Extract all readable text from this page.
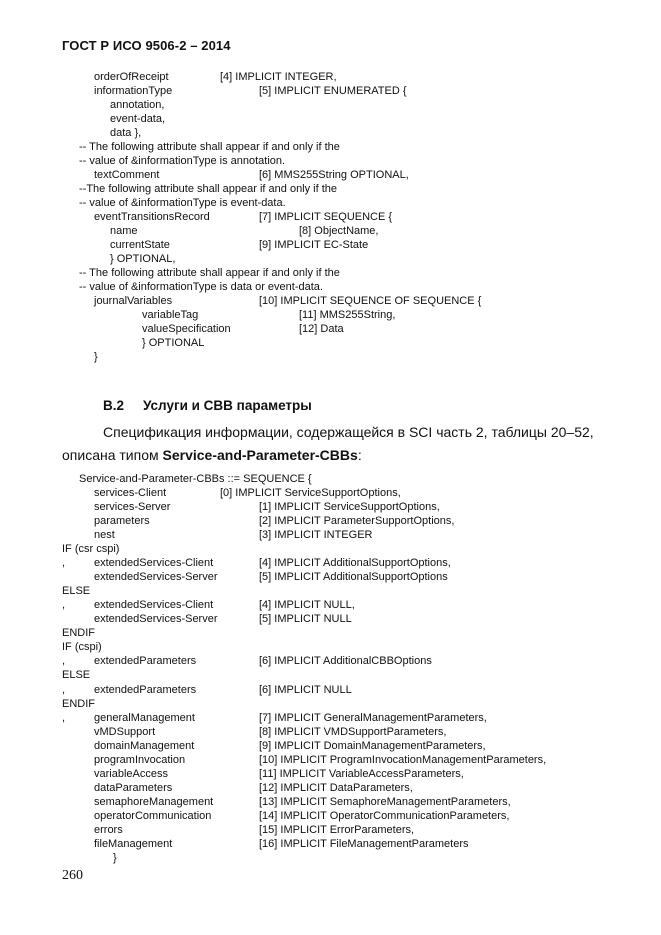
ГОСТ Р ИСО 9506-2 – 2014
orderOfReceipt	[4] IMPLICIT INTEGER,
informationType	[5] IMPLICIT ENUMERATED {
annotation,
event-data,
data },
-- The following attribute shall appear if and only if the
-- value of &informationType is annotation.
textComment	[6] MMS255String OPTIONAL,
--The following attribute shall appear if and only if the
-- value of &informationType is event-data.
eventTransitionsRecord	[7] IMPLICIT SEQUENCE {
name	[8] ObjectName,
currentState	[9] IMPLICIT EC-State
} OPTIONAL,
-- The following attribute shall appear if and only if the
-- value of &informationType is data or event-data.
journalVariables	[10] IMPLICIT SEQUENCE OF SEQUENCE {
variableTag	[11] MMS255String,
valueSpecification	[12] Data
} OPTIONAL
}
B.2 Услуги и CBB параметры
Спецификация информации, содержащейся в SCI часть 2, таблицы 20–52,
описана типом Service-and-Parameter-CBBs:
Service-and-Parameter-CBBs ::= SEQUENCE {
services-Client	[0] IMPLICIT ServiceSupportOptions,
services-Server	[1] IMPLICIT ServiceSupportOptions,
parameters	[2] IMPLICIT ParameterSupportOptions,
nest	[3] IMPLICIT INTEGER
IF (csr cspi)
,	extendedServices-Client	[4] IMPLICIT AdditionalSupportOptions,
extendedServices-Server	[5] IMPLICIT AdditionalSupportOptions
ELSE
,	extendedServices-Client	[4] IMPLICIT NULL,
extendedServices-Server	[5] IMPLICIT NULL
ENDIF
IF (cspi)
,	extendedParameters	[6] IMPLICIT AdditionalCBBOptions
ELSE
,	extendedParameters	[6] IMPLICIT NULL
ENDIF
,	generalManagement	[7] IMPLICIT GeneralManagementParameters,
vMDSupport	[8] IMPLICIT VMDSupportParameters,
domainManagement	[9] IMPLICIT DomainManagementParameters,
programInvocation	[10] IMPLICIT ProgramInvocationManagementParameters,
variableAccess	[11] IMPLICIT VariableAccessParameters,
dataParameters	[12] IMPLICIT DataParameters,
semaphoreManagement	[13] IMPLICIT SemaphoreManagementParameters,
operatorCommunication	[14] IMPLICIT OperatorCommunicationParameters,
errors	[15] IMPLICIT ErrorParameters,
fileManagement	[16] IMPLICIT FileManagementParameters
}
260
